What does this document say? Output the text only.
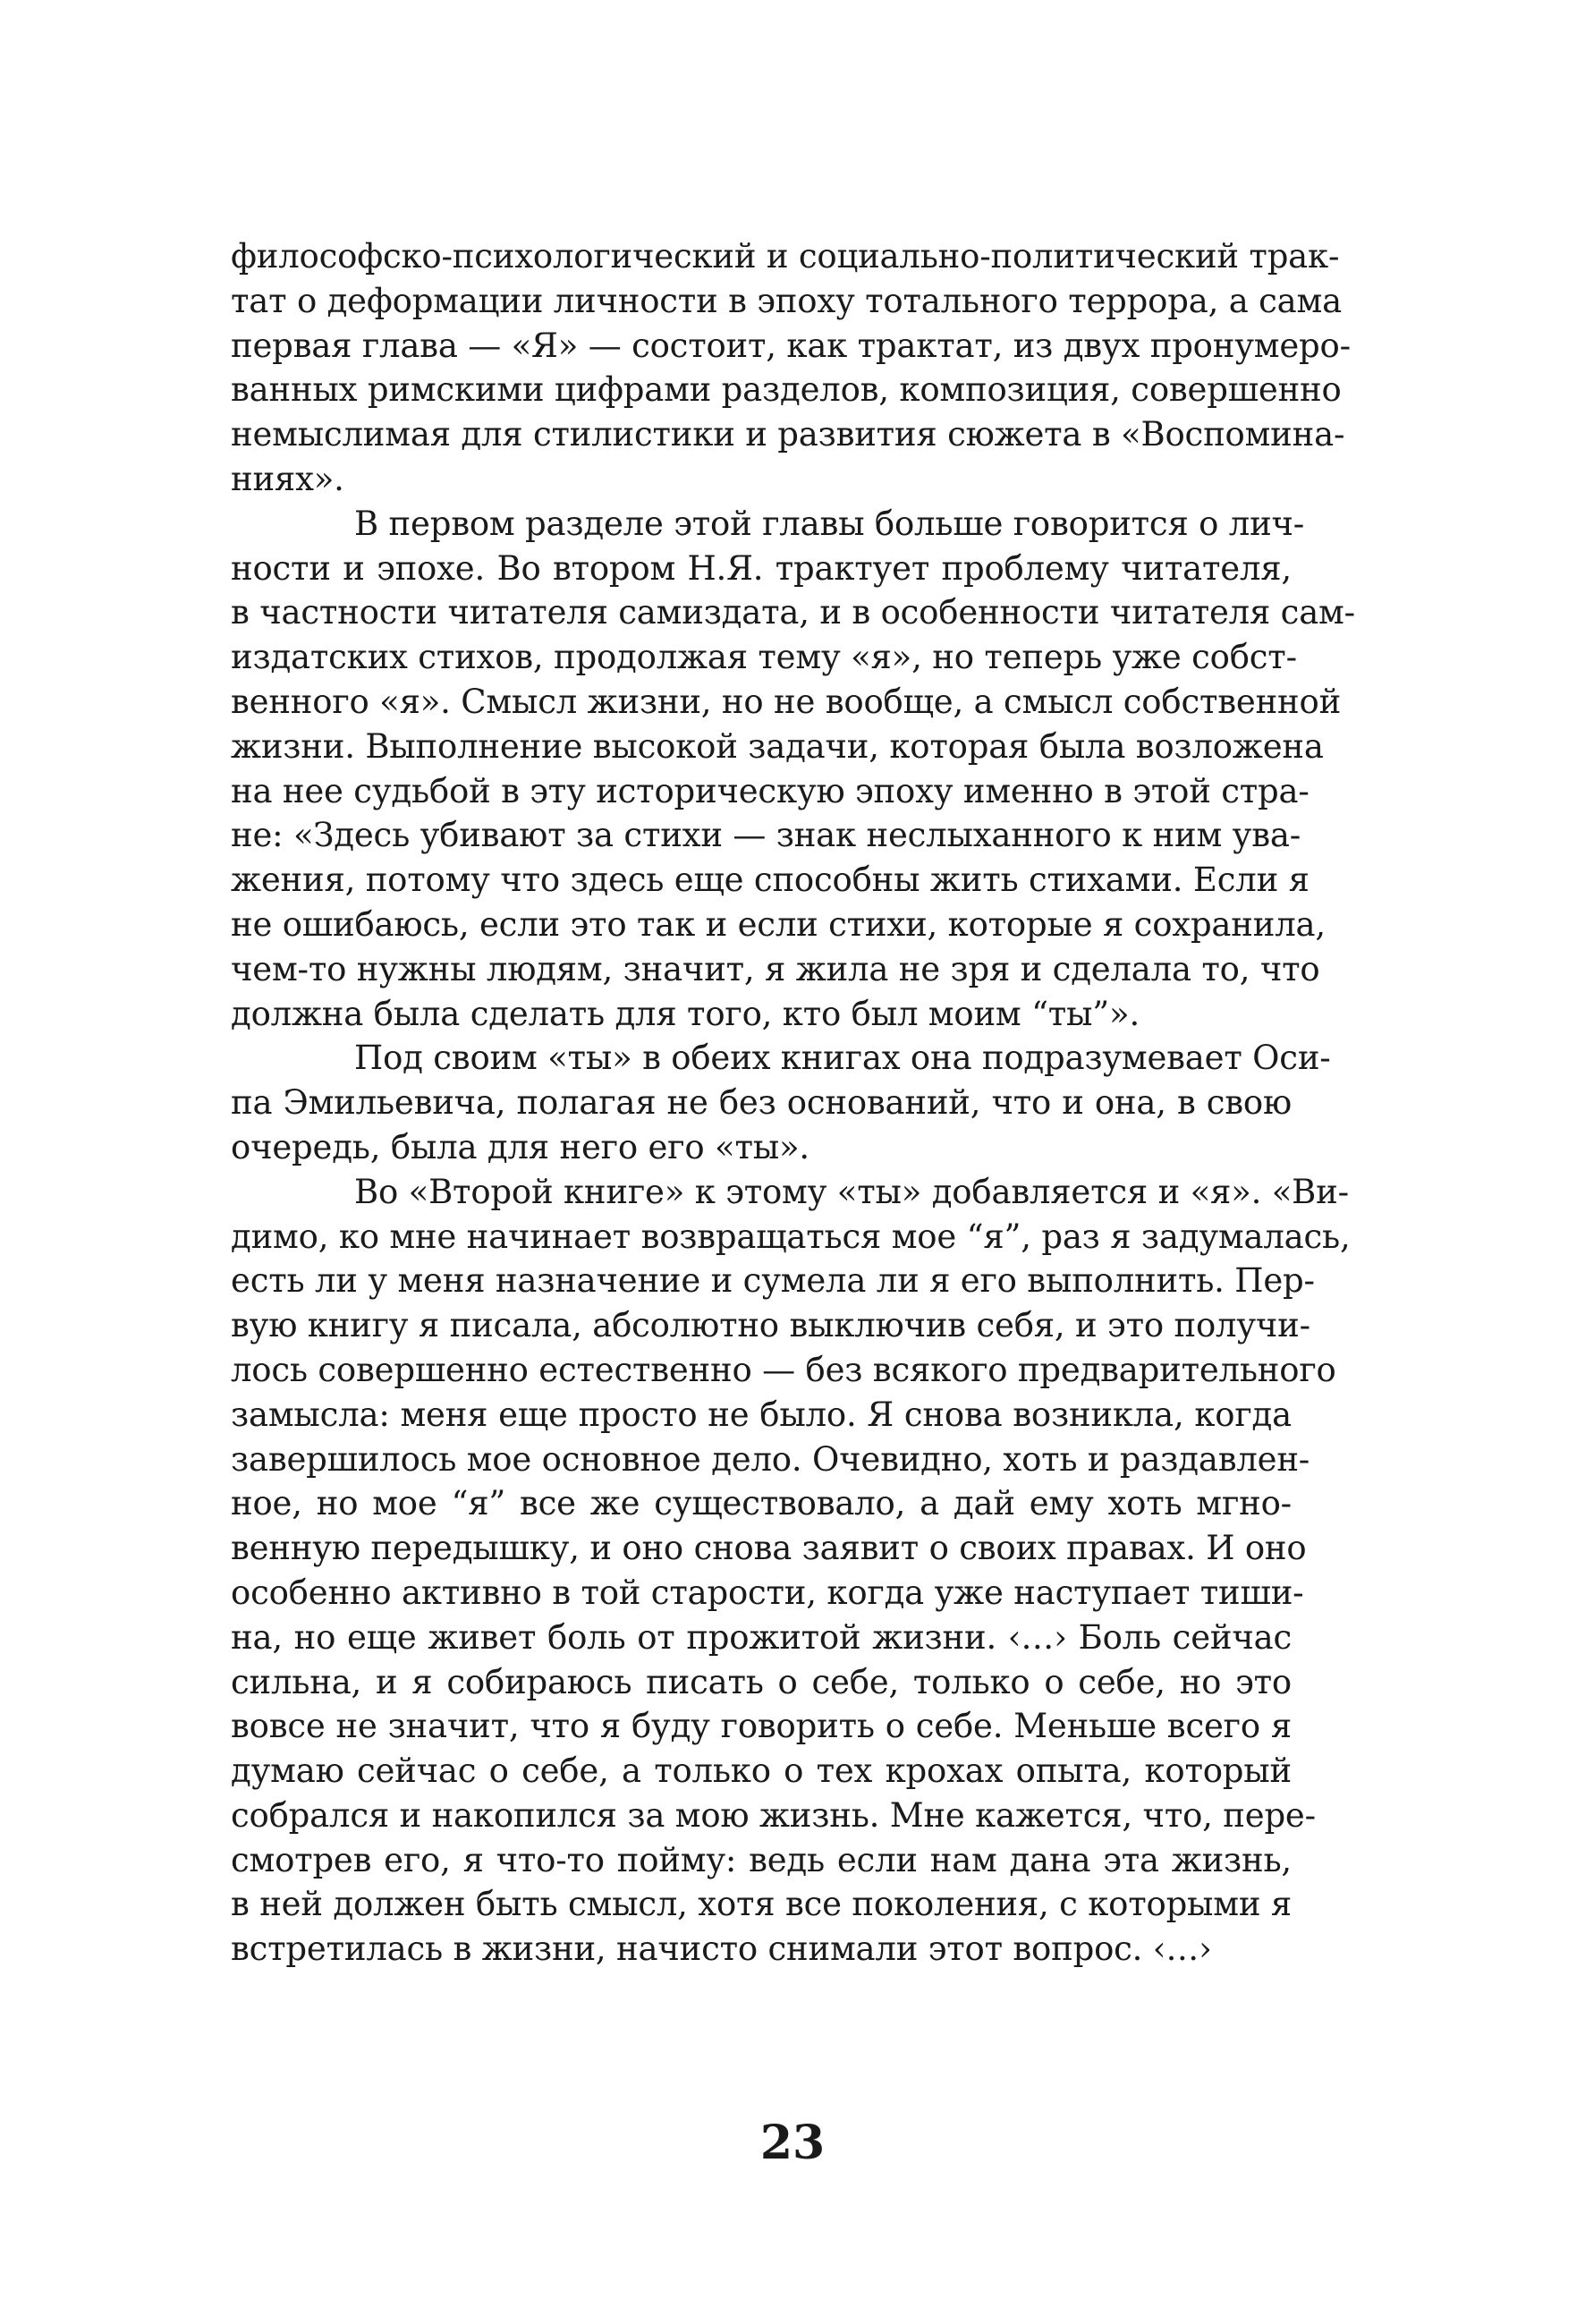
философско-психологический и социально-политический трак-
тат о деформации личности в эпоху тотального террора, а сама
первая глава — «Я» — состоит, как трактат, из двух пронумеро-
ванных римскими цифрами разделов, композиция, совершенно
немыслимая для стилистики и развития сюжета в «Воспомина-
ниях».
В первом разделе этой главы больше говорится о лич-
ности и эпохе. Во втором Н.Я. трактует проблему читателя,
в частности читателя самиздата, и в особенности читателя сам-
издатских стихов, продолжая тему «я», но теперь уже собст-
венного «я». Смысл жизни, но не вообще, а смысл собственной
жизни. Выполнение высокой задачи, которая была возложена
на нее судьбой в эту историческую эпоху именно в этой стра-
не: «Здесь убивают за стихи — знак неслыханного к ним ува-
жения, потому что здесь еще способны жить стихами. Если я
не ошибаюсь, если это так и если стихи, которые я сохранила,
чем-то нужны людям, значит, я жила не зря и сделала то, что
должна была сделать для того, кто был моим “ты”».
Под своим «ты» в обеих книгах она подразумевает Оси-
па Эмильевича, полагая не без оснований, что и она, в свою
очередь, была для него его «ты».
Во «Второй книге» к этому «ты» добавляется и «я». «Ви-
димо, ко мне начинает возвращаться мое “я”, раз я задумалась,
есть ли у меня назначение и сумела ли я его выполнить. Пер-
вую книгу я писала, абсолютно выключив себя, и это получи-
лось совершенно естественно — без всякого предварительного
замысла: меня еще просто не было. Я снова возникла, когда
завершилось мое основное дело. Очевидно, хоть и раздавлен-
ное, но мое “я” все же существовало, а дай ему хоть мгно-
венную передышку, и оно снова заявит о своих правах. И оно
особенно активно в той старости, когда уже наступает тиши-
на, но еще живет боль от прожитой жизни. ‹…› Боль сейчас
сильна, и я собираюсь писать о себе, только о себе, но это
вовсе не значит, что я буду говорить о себе. Меньше всего я
думаю сейчас о себе, а только о тех крохах опыта, который
собрался и накопился за мою жизнь. Мне кажется, что, пере-
смотрев его, я что-то пойму: ведь если нам дана эта жизнь,
в ней должен быть смысл, хотя все поколения, с которыми я
встретилась в жизни, начисто снимали этот вопрос. ‹…›
23
